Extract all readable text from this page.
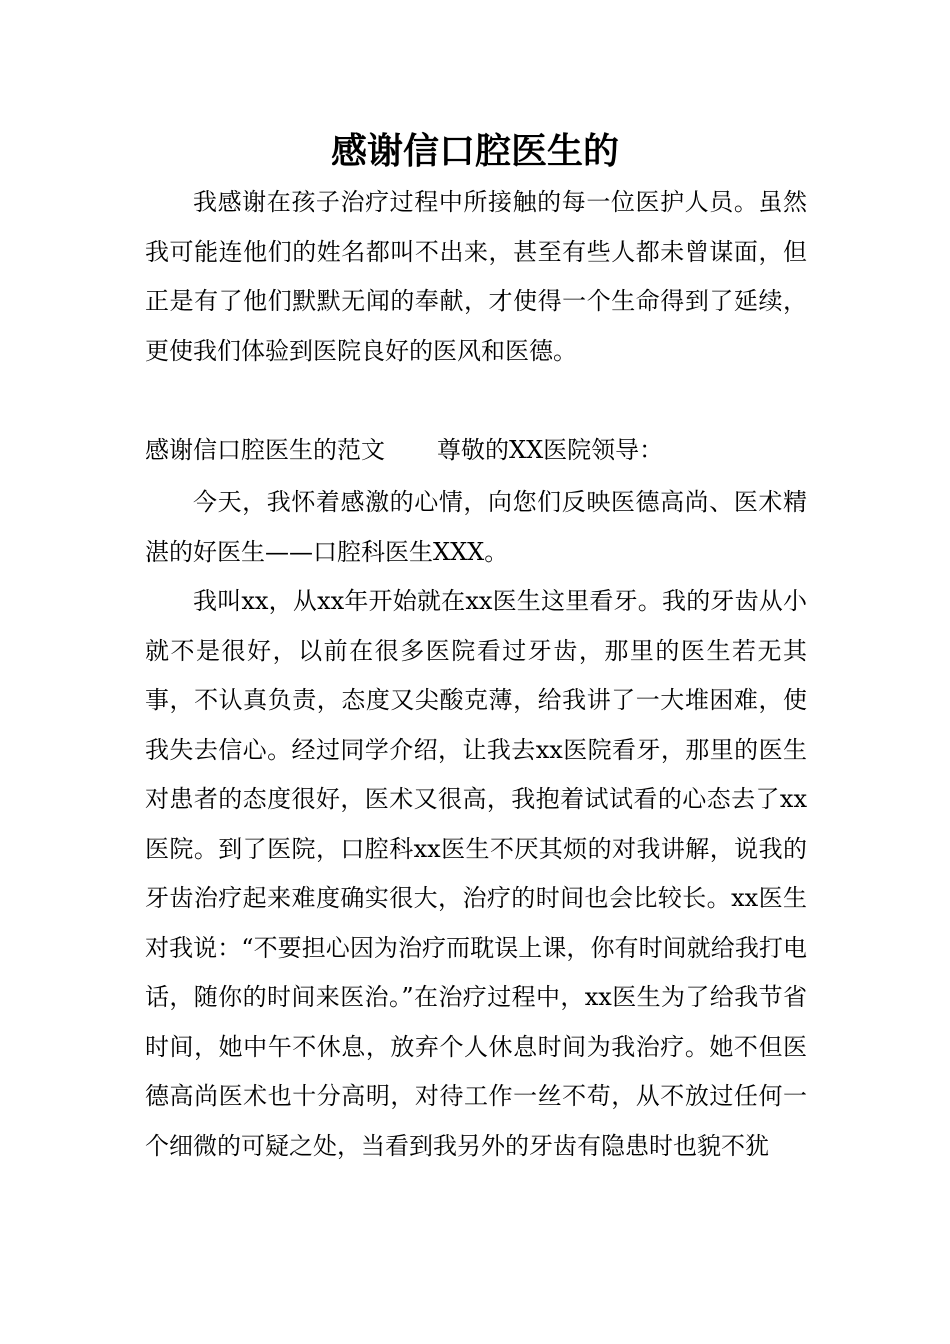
感谢信口腔医生的

我感谢在孩子治疗过程中所接触的每一位医护人员。虽然我可能连他们的姓名都叫不出来，甚至有些人都未曾谋面，但正是有了他们默默无闻的奉献，才使得一个生命得到了延续，更使我们体验到医院良好的医风和医德。

感谢信口腔医生的范文 尊敬的XX医院领导：

今天，我怀着感激的心情，向您们反映医德高尚、医术精湛的好医生——口腔科医生XXX。

我叫xx，从xx年开始就在xx医生这里看牙。我的牙齿从小就不是很好，以前在很多医院看过牙齿，那里的医生若无其事，不认真负责，态度又尖酸克薄，给我讲了一大堆困难，使我失去信心。经过同学介绍，让我去xx医院看牙，那里的医生对患者的态度很好，医术又很高，我抱着试试看的心态去了xx医院。到了医院，口腔科xx医生不厌其烦的对我讲解，说我的牙齿治疗起来难度确实很大，治疗的时间也会比较长。xx医生对我说：“不要担心因为治疗而耽误上课，你有时间就给我打电话，随你的时间来医治。”在治疗过程中，xx医生为了给我节省时间，她中午不休息，放弃个人休息时间为我治疗。她不但医德高尚医术也十分高明，对待工作一丝不苟，从不放过任何一个细微的可疑之处，当看到我另外的牙齿有隐患时也貌不犹
